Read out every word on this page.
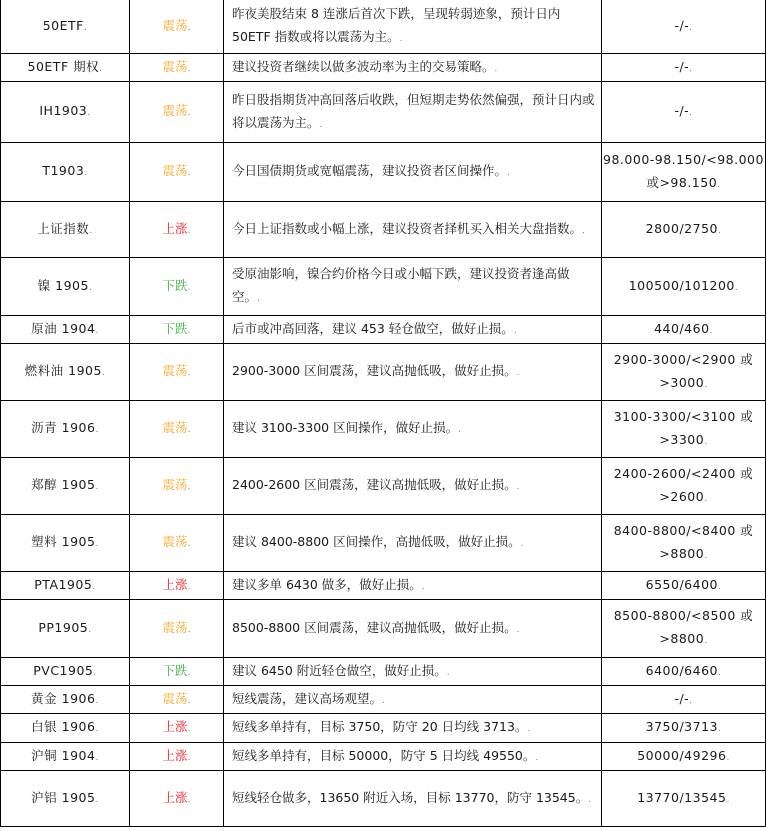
50ETF.	震荡.	昨夜美股结束 8 连涨后首次下跌，呈现转弱迹象，预计日内 50ETF 指数或将以震荡为主。.	-/-.
50ETF 期权.	震荡.	建议投资者继续以做多波动率为主的交易策略。.	-/-.
IH1903.	震荡.	昨日股指期货冲高回落后收跌，但短期走势依然偏强，预计日内或将以震荡为主。.	-/-.
T1903.	震荡.	今日国债期货或宽幅震荡，建议投资者区间操作。.	98.000-98.150/<98.000 或>98.150.
上证指数.	上涨.	今日上证指数或小幅上涨，建议投资者择机买入相关大盘指数。.	2800/2750.
镍 1905.	下跌.	受原油影响，镍合约价格今日或小幅下跌，建议投资者逢高做空。.	100500/101200.
原油 1904.	下跌.	后市或冲高回落，建议 453 轻仓做空，做好止损。.	440/460.
燃料油 1905.	震荡.	2900-3000 区间震荡，建议高抛低吸，做好止损。.	2900-3000/<2900 或>3000.
沥青 1906.	震荡.	建议 3100-3300 区间操作，做好止损。.	3100-3300/<3100 或>3300.
郑醇 1905.	震荡.	2400-2600 区间震荡，建议高抛低吸，做好止损。.	2400-2600/<2400 或>2600.
塑料 1905.	震荡.	建议 8400-8800 区间操作，高抛低吸，做好止损。.	8400-8800/<8400 或>8800.
PTA1905.	上涨.	建议多单 6430 做多，做好止损。.	6550/6400.
PP1905.	震荡.	8500-8800 区间震荡，建议高抛低吸，做好止损。.	8500-8800/<8500 或>8800.
PVC1905.	下跌.	建议 6450 附近轻仓做空，做好止损。.	6400/6460.
黄金 1906.	震荡.	短线震荡，建议高场观望。.	-/-.
白银 1906.	上涨.	短线多单持有，目标 3750，防守 20 日均线 3713。.	3750/3713.
沪铜 1904.	上涨.	短线多单持有，目标 50000，防守 5 日均线 49550。.	50000/49296.
沪铝 1905.	上涨.	短线轻仓做多，13650 附近入场，目标 13770，防守 13545。.	13770/13545.
